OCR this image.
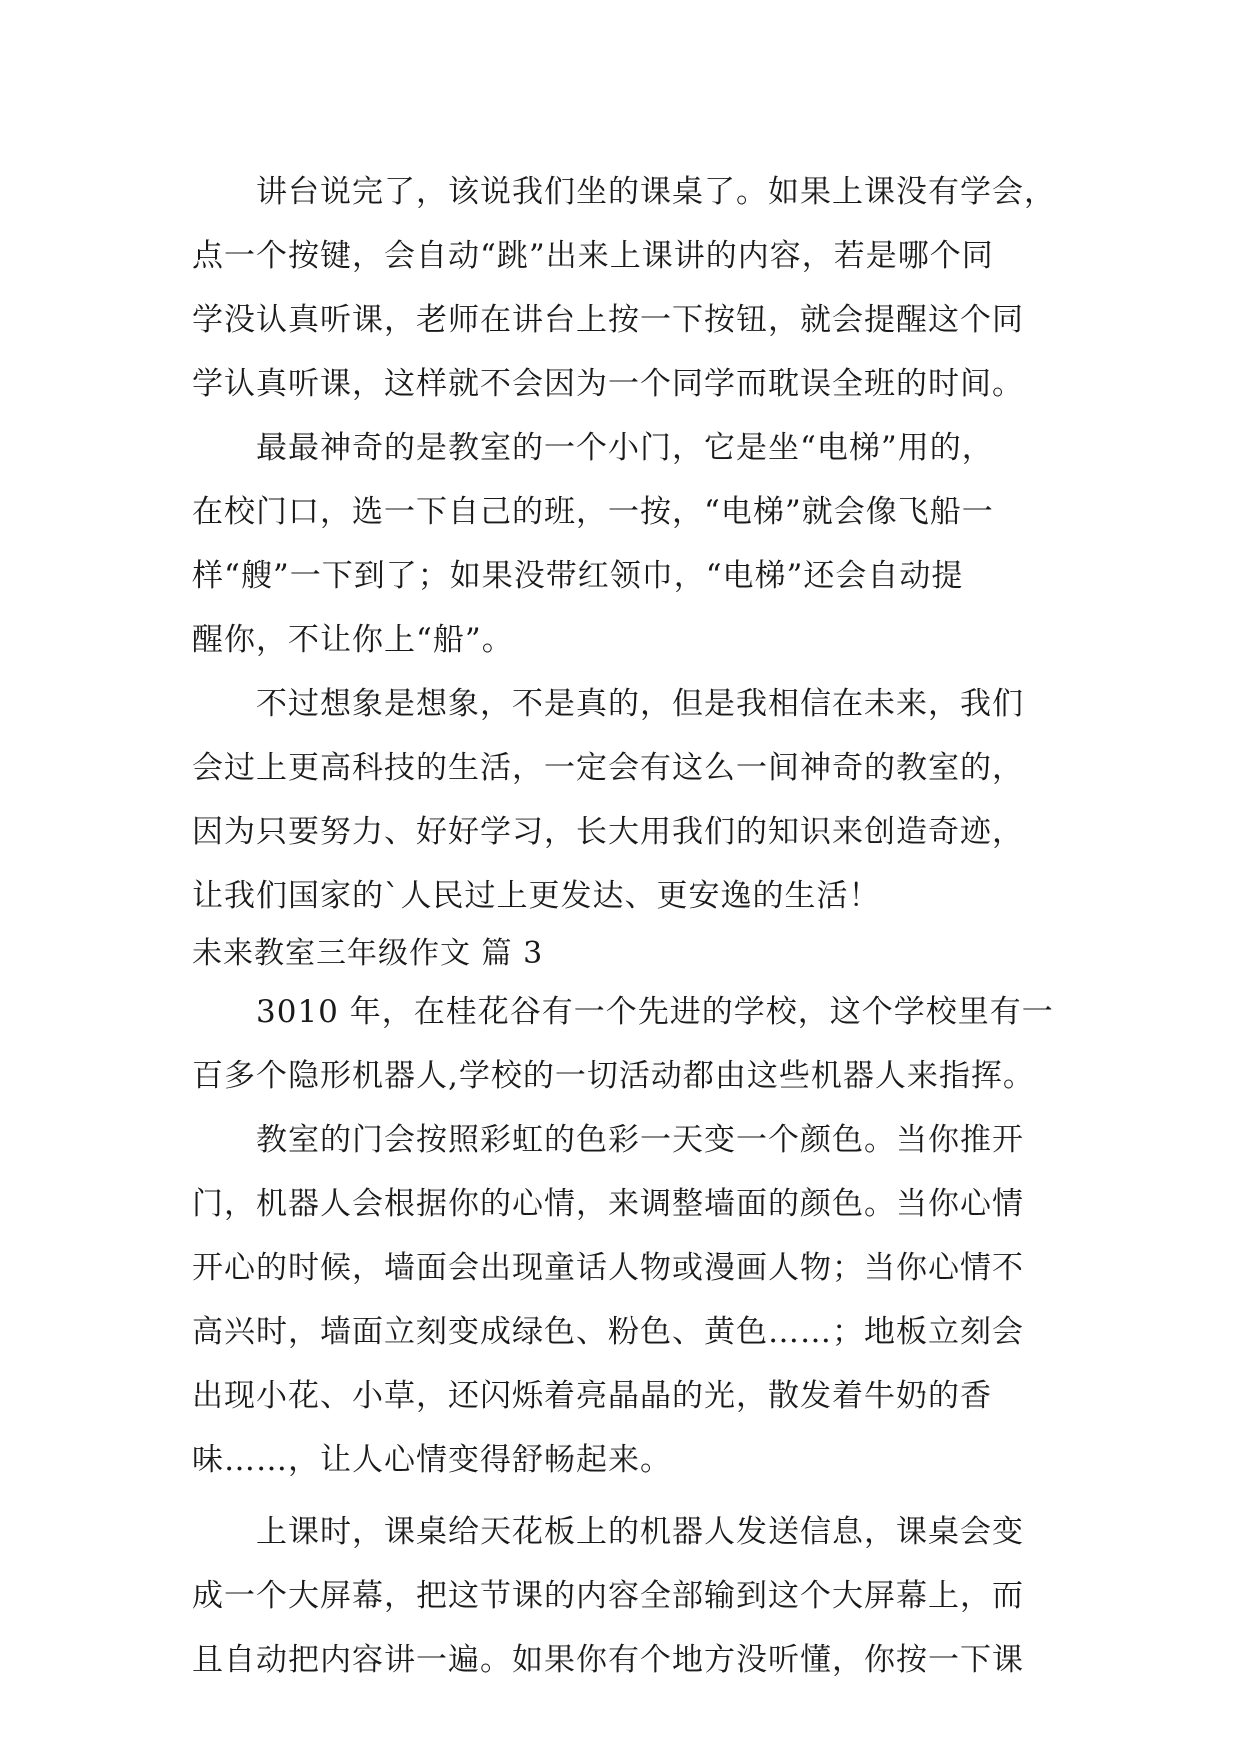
讲台说完了，该说我们坐的课桌了。如果上课没有学会，
点一个按键，会自动“跳”出来上课讲的内容，若是哪个同
学没认真听课，老师在讲台上按一下按钮，就会提醒这个同
学认真听课，这样就不会因为一个同学而耽误全班的时间。
最最神奇的是教室的一个小门，它是坐“电梯”用的，
在校门口，选一下自己的班，一按，“电梯”就会像飞船一
样“艘”一下到了；如果没带红领巾，“电梯”还会自动提
醒你，不让你上“船”。
不过想象是想象，不是真的，但是我相信在未来，我们
会过上更高科技的生活，一定会有这么一间神奇的教室的，
因为只要努力、好好学习，长大用我们的知识来创造奇迹，
让我们国家的`人民过上更发达、更安逸的生活！
未来教室三年级作文 篇 3
3010 年，在桂花谷有一个先进的学校，这个学校里有一
百多个隐形机器人,学校的一切活动都由这些机器人来指挥。
教室的门会按照彩虹的色彩一天变一个颜色。当你推开
门，机器人会根据你的心情，来调整墙面的颜色。当你心情
开心的时候，墙面会出现童话人物或漫画人物；当你心情不
高兴时，墙面立刻变成绿色、粉色、黄色……；地板立刻会
出现小花、小草，还闪烁着亮晶晶的光，散发着牛奶的香
味……，让人心情变得舒畅起来。
上课时，课桌给天花板上的机器人发送信息，课桌会变
成一个大屏幕，把这节课的内容全部输到这个大屏幕上，而
且自动把内容讲一遍。如果你有个地方没听懂，你按一下课
